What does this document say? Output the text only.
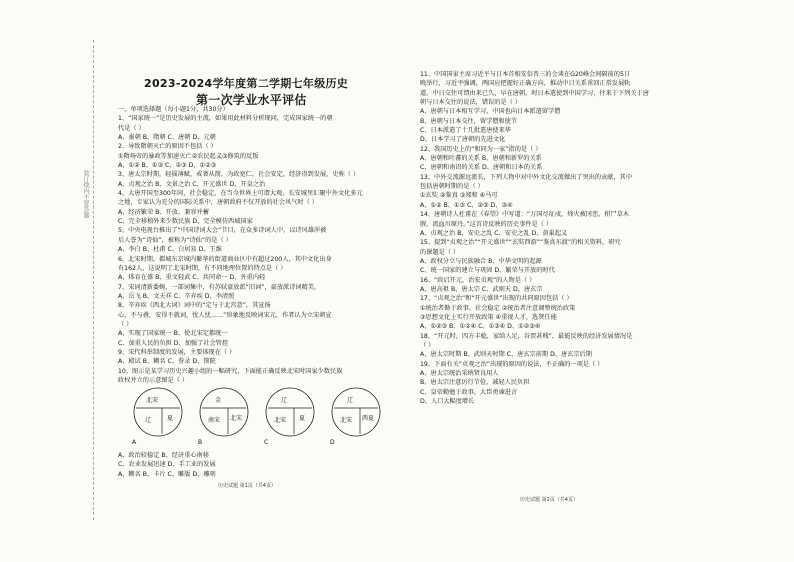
装订线内不要答题
2023-2024学年度第二学期七年级历史
第一次学业水平评估
一、单项选择题（每小题1分，共30分）
1、“国家统一”是历史发展的主流，如果用此材料分析现问，完成国家统一的朝
代是（ ）
A、秦朝 B、隋朝 C、唐朝 D、元朝
2、导致隋朝灭亡的原因不包括（ ）
①隋炀帝的暴政等加速灭亡②农民起义③修筑的反叛
A、①② B、①③ C、②③ D、①②③
3、唐太宗时期，轻徭薄赋，戒奢从简，为政宽仁，社会安定，经济得到发展，史称（ ）
A、贞观之治 B、文景之治 C、开元盛世 D、开皇之治
4、大唐开国至300年间，社会稳定，在当今世界上可谓大观，长安城里汇聚中外文化多元
之地，专家认为充分的国际关系中，唐朝政府不仅开放的社会风气时（ ）
A、经济繁荣 B、开放、兼容并蓄
C、完全移植外来少数民族 D、完全模仿西域国家
5、中央电视台推出了“中国诗词大会”节目，在众多诗词人中，以诗风雄浑被
后人誉为“诗仙”，被称为“诗仙”的是（ ）
A、李白 B、杜甫 C、白居易 D、王维
6、北宋时期，都城东京城内繁华的街道商业区中有超过200人，其中文化出身
有162人，这说明了北宋时期，有不同地理位置的特点是（ ）
A、体育在盛 B、重文轻武 C、共同命一 D、外重内轻
7、宋词清新委婉，一部词集中，有苏轼豪放派“旧词”，豪放派诗词精美，
A、岳飞 B、文天祥 C、辛弃疾 D、李清照
8、辛弃疾《西北大词》词中的“定与于北宫意”，其宣扬
心，不与叠，安得不就词，忧人忧……”形象地反映词宋元，作者认为立宋朝宣
（ ）
A、实现了国家统一 B、使北宋定都统一
C、加重人民的负担 D、加强了社会管控
9、宋代科举制度的发展，主要体现在（ ）
A、殿试 B、糊名 C、誊录 D、锁院
10、图示是某学习历史兴趣小组的一幅研究，下面能正确反映北宋时国家少数民族
政权并立的示意图是（ ）
北宋
辽	夏
A
金
南宋 北宋
B
辽
北宋 夏
C
辽
北宋 西夏
D
A、政治较稳定 B、经济重心南移
C、农业发展迅速 D、手工业的发展
A、糊名 B、卡片 C、雕版 D、雕刻
11、中国国家主席习近平与日本首相安倍晋三的会谈在G20峰会间隔前的5日
晚举行，习近平强调，两国应把握好正确方向，推动中日关系重回正常发展轨
道，中日交往可谓由来已久，早在唐朝，时日本遣使到中国学习，往来于下列关于唐
朝与日本交往的说法，错误的是（ ）
A、唐朝与日本相互学习，中国也向日本派遣留学僧
B、唐朝与日本交往，留学僧和使节
C、日本派遣了十几批遣唐使来华
D、日本学习了唐朝的先进文化
12、我国历史上的“和同为一家”指的是（ ）
A、唐朝和吐蕃的关系 B、唐朝和新罗的关系
C、唐朝和南诏的关系 D、唐朝和日本的关系
13、中外交流源远流长，下列人物中对中外文化交流做出了突出的贡献，其中
包括唐朝时期的是（ ）
①玄奘 ②鉴真 ③郑和 ④马可
A、①② B、①③ C、②③ D、③④
14、唐朝诗人杜甫在《春望》中写道：“万国尽征戍，烽火被冈峦，积尸草木
腥，流血川原丹。”这首诗反映的历史事件是（ ）
A、贞观之治 B、安史之乱 C、安史之乱 D、黄巢起义
15、提到“贞观之治”“开元盛世”“玄奘西游”“鉴真东渡”的相关资料，研究
的课题是（ ）
A、政权分立与民族融合 B、中华文明的起源
C、统一国家的建立与巩固 D、繁荣与开放的时代
16、“政启开元，治宏贞观”的人物是（ ）
A、唐高祖 B、唐太宗 C、武则天 D、唐玄宗
17、“贞观之治”和“开元盛世”出现的共同原因包括（ ）
①统治者勤于政事，社会稳定 ②统治者注意调整统治政策
③思想文化上实行开放政策 ④重视人才，选贤任能
A、①②③ B、①②④ C、①③④ D、①②③④
18、“开元时，四方丰稔，家给人足，谷贾甚贱”，最能反映的经济发展情况是
（ ）
A、唐太宗时期 B、武则天时期 C、唐玄宗前期 D、唐玄宗后期
19、下面有关“贞观之治”出现的原因的说法，不正确的一项是（ ）
A、唐太宗统治采纳贤良用人
B、唐太宗注意厉行节俭，减轻人民负担
C、皇帝勤勉于政事，大臣勇谏进言
D、人口大幅度增长
历史试题 第1页（共4页）
历史试题 第2页（共4页）
